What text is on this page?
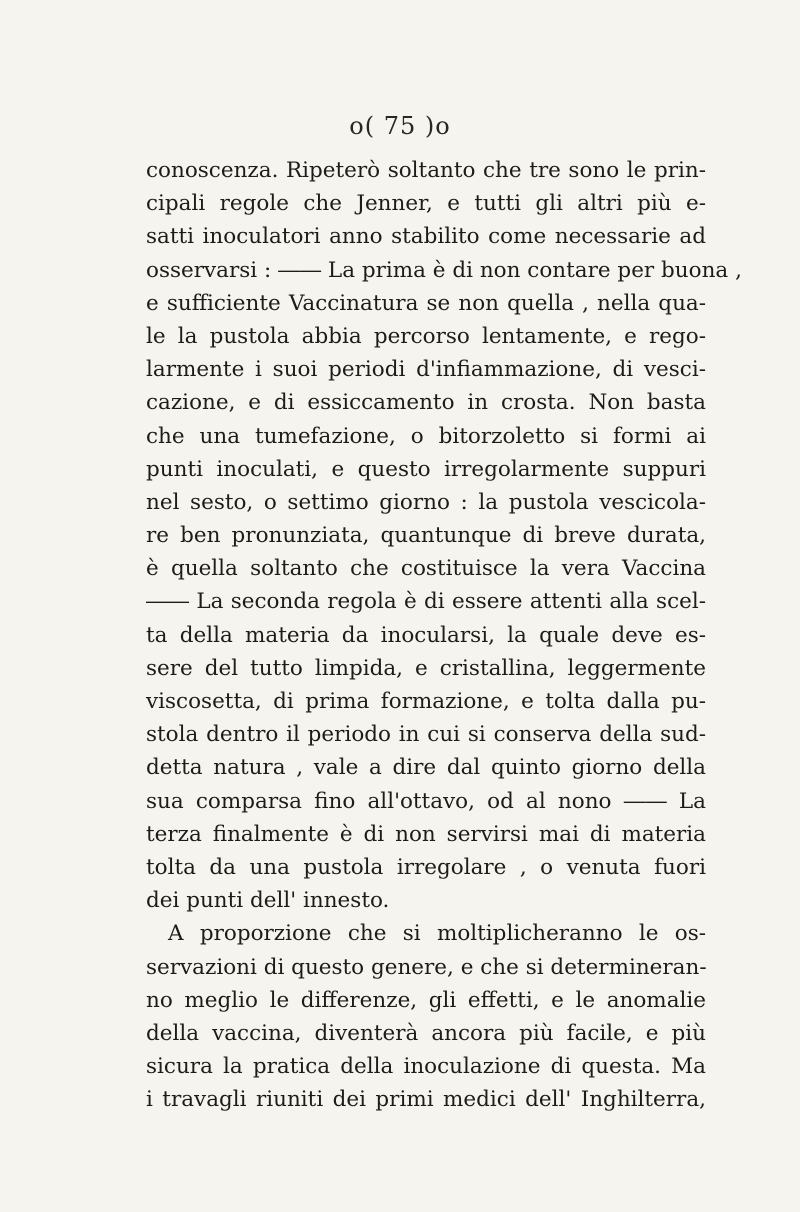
o( 75 )o
conoscenza. Ripeterò soltanto che tre sono le prin-
cipali regole che Jenner, e tutti gli altri più e-
satti inoculatori anno stabilito come necessarie ad
osservarsi : ―― La prima è di non contare per buona ,
e sufficiente Vaccinatura se non quella , nella qua-
le la pustola abbia percorso lentamente, e rego-
larmente i suoi periodi d'infiammazione, di vesci-
cazione, e di essiccamento in crosta. Non basta
che una tumefazione, o bitorzoletto si formi ai
punti inoculati, e questo irregolarmente suppuri
nel sesto, o settimo giorno : la pustola vescicola-
re ben pronunziata, quantunque di breve durata,
è quella soltanto che costituisce la vera Vaccina
―― La seconda regola è di essere attenti alla scel-
ta della materia da inocularsi, la quale deve es-
sere del tutto limpida, e cristallina, leggermente
viscosetta, di prima formazione, e tolta dalla pu-
stola dentro il periodo in cui si conserva della sud-
detta natura , vale a dire dal quinto giorno della
sua comparsa fino all'ottavo, od al nono ―― La
terza finalmente è di non servirsi mai di materia
tolta da una pustola irregolare , o venuta fuori
dei punti dell' innesto.
A proporzione che si moltiplicheranno le os-
servazioni di questo genere, e che si determineran-
no meglio le differenze, gli effetti, e le anomalie
della vaccina, diventerà ancora più facile, e più
sicura la pratica della inoculazione di questa. Ma
i travagli riuniti dei primi medici dell' Inghilterra,
